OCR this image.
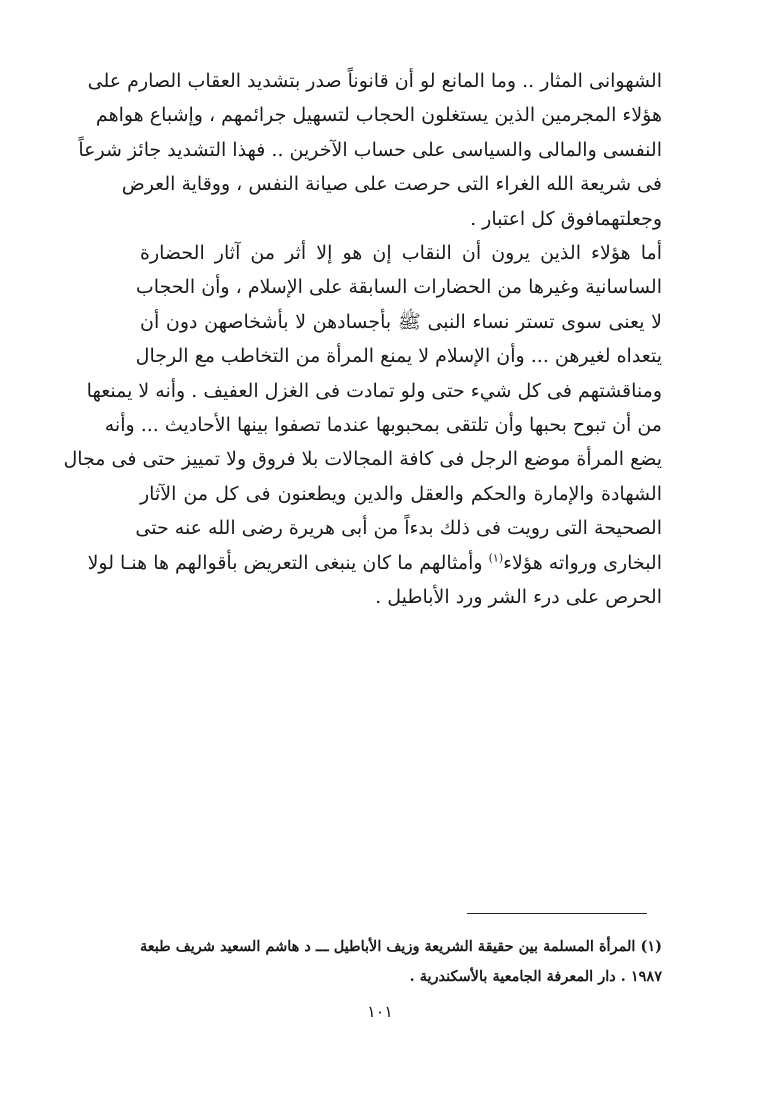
الشهوانى المثار .. وما المانع لو أن قانوناً صدر بتشديد العقاب الصارم على
هؤلاء المجرمين الذين يستغلون الحجاب لتسهيل جرائمهم ، وإشباع هواهم
النفسى والمالى والسياسى على حساب الآخرين .. فهذا التشديد جائز شرعاً
فى شريعة الله الغراء التى حرصت على صيانة النفس ، ووقاية العرض
وجعلتهمافوق كل اعتبار .
أما هؤلاء الذين يرون أن النقاب إن هو إلا أثر من آثار الحضارة
الساسانية وغيرها من الحضارات السابقة على الإسلام ، وأن الحجاب
لا يعنى سوى تستر نساء النبى ﷺ بأجسادهن لا بأشخاصهن دون أن
يتعداه لغيرهن ... وأن الإسلام لا يمنع المرأة من التخاطب مع الرجال
ومناقشتهم فى كل شيء حتى ولو تمادت فى الغزل العفيف . وأنه لا يمنعها
من أن تبوح بحبها وأن تلتقى بمحبوبها عندما تصفوا بينها الأحاديث ... وأنه
يضع المرأة موضع الرجل فى كافة المجالات بلا فروق ولا تمييز حتى فى مجال
الشهادة والإمارة والحكم والعقل والدين ويطعنون فى كل من الآثار
الصحيحة التى رويت فى ذلك بدءاً من أبى هريرة رضى الله عنه حتى
البخارى ورواته هؤلاء$^{(١)}$ وأمثالهم ما كان ينبغى التعريض بأقوالهم ها هنـا لولا
الحرص على درء الشر ورد الأباطيل .
(١) المرأة المسلمة بين حقيقة الشريعة وزيف الأباطيل ـــ د هاشم السعيد شريف طبعة
١٩٨٧ . دار المعرفة الجامعية بالأسكندرية .
١٠١
